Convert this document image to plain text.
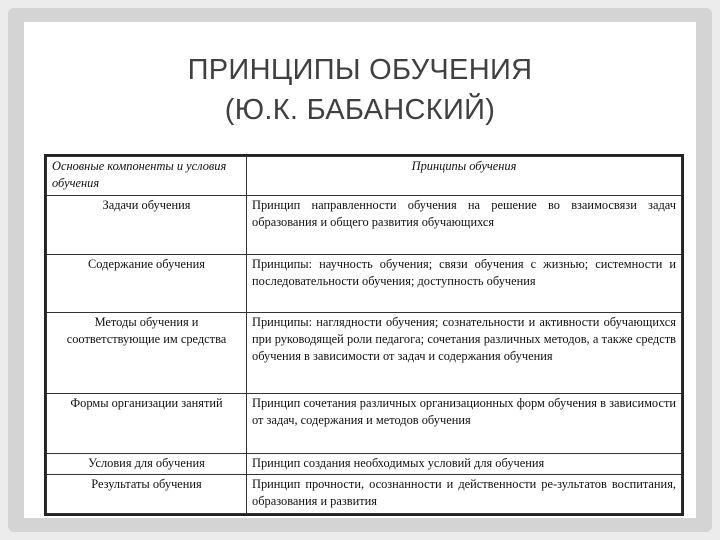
ПРИНЦИПЫ ОБУЧЕНИЯ
(Ю.К. БАБАНСКИЙ)
Основные компоненты и условия обучения	Принципы обучения
Задачи обучения	Принцип направленности обучения на решение во взаимосвязи задач образования и общего развития обучающихся
Содержание обучения	Принципы: научность обучения; связи обучения с жизнью; системности и последовательности обучения; доступность обучения
Методы обучения и соответствующие им средства	Принципы: наглядности обучения; сознательности и активности обучающихся при руководящей роли педагога; сочетания различных методов, а также средств обучения в зависимости от задач и содержания обучения
Формы организации занятий	Принцип сочетания различных организационных форм обучения в зависимости от задач, содержания и методов обучения
Условия для обучения	Принцип создания необходимых условий для обучения
Результаты обучения	Принцип прочности, осознанности и действенности ре-зультатов воспитания, образования и развития
